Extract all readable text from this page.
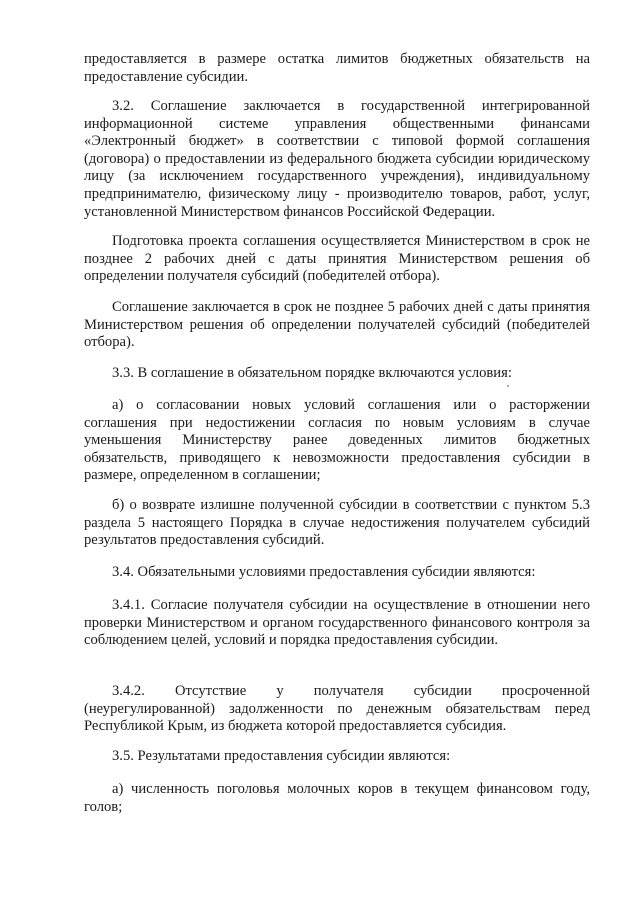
предоставляется в размере остатка лимитов бюджетных обязательств на предоставление субсидии.

3.2. Соглашение заключается в государственной интегрированной информационной системе управления общественными финансами «Электронный бюджет» в соответствии с типовой формой соглашения (договора) о предоставлении из федерального бюджета субсидии юридическому лицу (за исключением государственного учреждения), индивидуальному предпринимателю, физическому лицу - производителю товаров, работ, услуг, установленной Министерством финансов Российской Федерации.

Подготовка проекта соглашения осуществляется Министерством в срок не позднее 2 рабочих дней с даты принятия Министерством решения об определении получателя субсидий (победителей отбора).

Соглашение заключается в срок не позднее 5 рабочих дней с даты принятия Министерством решения об определении получателей субсидий (победителей отбора).

3.3. В соглашение в обязательном порядке включаются условия:

а) о согласовании новых условий соглашения или о расторжении соглашения при недостижении согласия по новым условиям в случае уменьшения Министерству ранее доведенных лимитов бюджетных обязательств, приводящего к невозможности предоставления субсидии в размере, определенном в соглашении;

б) о возврате излишне полученной субсидии в соответствии с пунктом 5.3 раздела 5 настоящего Порядка в случае недостижения получателем субсидий результатов предоставления субсидий.

3.4. Обязательными условиями предоставления субсидии являются:

3.4.1. Согласие получателя субсидии на осуществление в отношении него проверки Министерством и органом государственного финансового контроля за соблюдением целей, условий и порядка предоставления субсидии.

3.4.2. Отсутствие у получателя субсидии просроченной
(неурегулированной) задолженности по денежным обязательствам перед Республикой Крым, из бюджета которой предоставляется субсидия.

3.5. Результатами предоставления субсидии являются:

а) численность поголовья молочных коров в текущем финансовом году, голов;
